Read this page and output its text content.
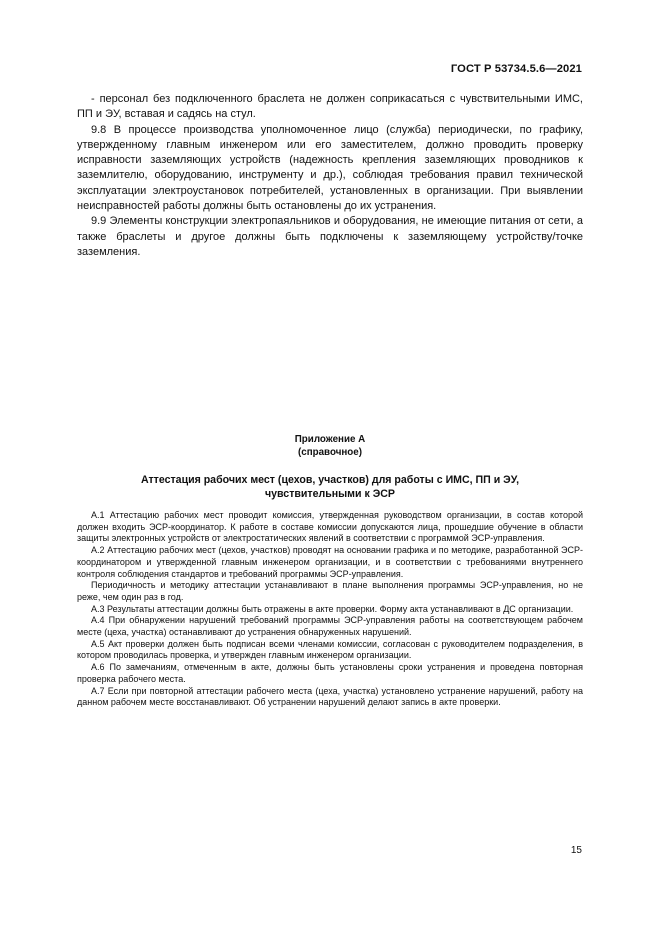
ГОСТ Р 53734.5.6—2021

- персонал без подключенного браслета не должен соприкасаться с чувствительными ИМС, ПП и ЭУ, вставая и садясь на стул.

9.8 В процессе производства уполномоченное лицо (служба) периодически, по графику, утвержденному главным инженером или его заместителем, должно проводить проверку исправности заземляющих устройств (надежность крепления заземляющих проводников к заземлителю, оборудованию, инструменту и др.), соблюдая требования правил технической эксплуатации электроустановок потребителей, установленных в организации. При выявлении неисправностей работы должны быть остановлены до их устранения.

9.9 Элементы конструкции электропаяльников и оборудования, не имеющие питания от сети, а также браслеты и другое должны быть подключены к заземляющему устройству/точке заземления.

Приложение А
(справочное)
Аттестация рабочих мест (цехов, участков) для работы с ИМС, ПП и ЭУ,
чувствительными к ЭСР

А.1 Аттестацию рабочих мест проводит комиссия, утвержденная руководством организации, в состав которой должен входить ЭСР-координатор. К работе в составе комиссии допускаются лица, прошедшие обучение в области защиты электронных устройств от электростатических явлений в соответствии с программой ЭСР-управления.

А.2 Аттестацию рабочих мест (цехов, участков) проводят на основании графика и по методике, разработанной ЭСР-координатором и утвержденной главным инженером организации, и в соответствии с требованиями внутреннего контроля соблюдения стандартов и требований программы ЭСР-управления.

Периодичность и методику аттестации устанавливают в плане выполнения программы ЭСР-управления, но не реже, чем один раз в год.

А.3 Результаты аттестации должны быть отражены в акте проверки. Форму акта устанавливают в ДС организации.

А.4 При обнаружении нарушений требований программы ЭСР-управления работы на соответствующем рабочем месте (цеха, участка) останавливают до устранения обнаруженных нарушений.

А.5 Акт проверки должен быть подписан всеми членами комиссии, согласован с руководителем подразделения, в котором проводилась проверка, и утвержден главным инженером организации.

А.6 По замечаниям, отмеченным в акте, должны быть установлены сроки устранения и проведена повторная проверка рабочего места.

А.7 Если при повторной аттестации рабочего места (цеха, участка) установлено устранение нарушений, работу на данном рабочем месте восстанавливают. Об устранении нарушений делают запись в акте проверки.

15
